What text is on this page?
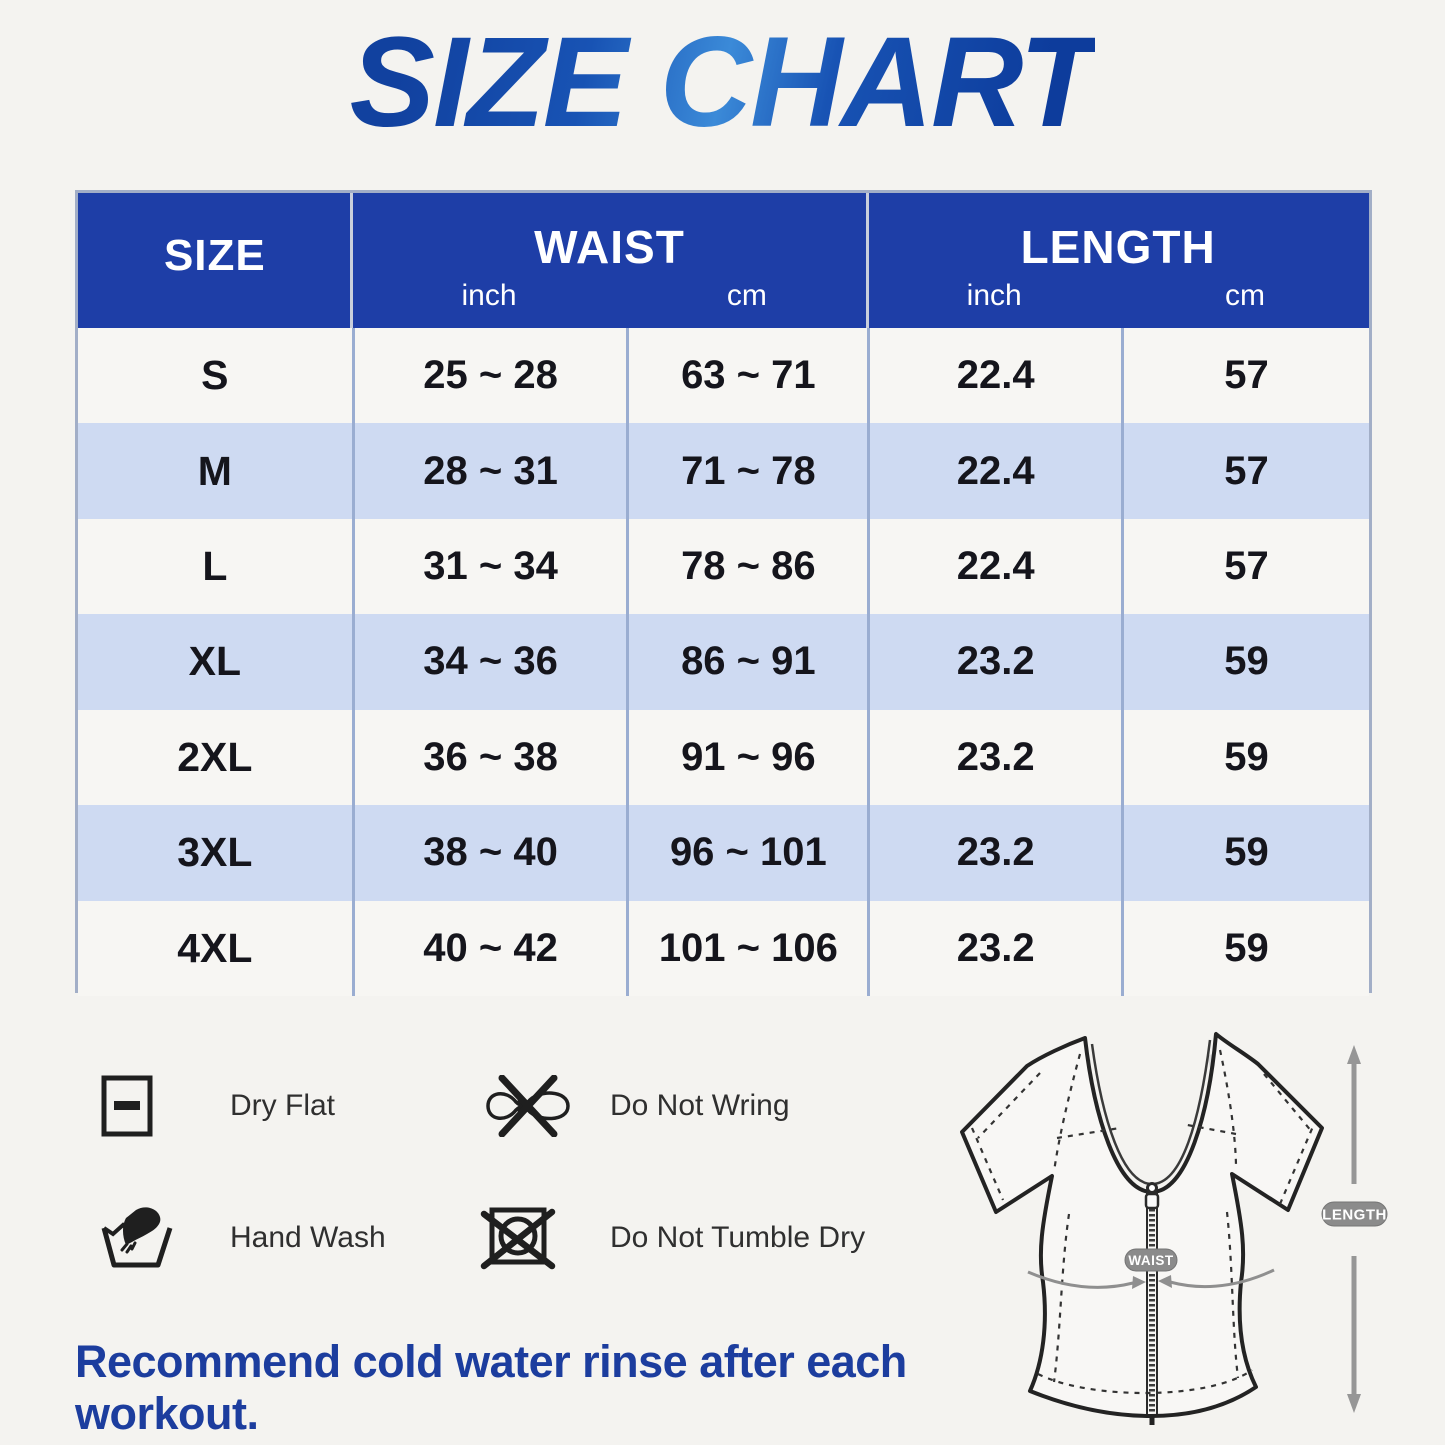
SIZE CHART
SIZE	WAIST	LENGTH
inch	cm	inch	cm
S	25 ~ 28	63 ~ 71	22.4	57
M	28 ~ 31	71 ~ 78	22.4	57
L	31 ~ 34	78 ~ 86	22.4	57
XL	34 ~ 36	86 ~ 91	23.2	59
2XL	36 ~ 38	91 ~ 96	23.2	59
3XL	38 ~ 40	96 ~ 101	23.2	59
4XL	40 ~ 42	101 ~ 106	23.2	59
Dry Flat	Do Not Wring
Hand Wash	Do Not Tumble Dry
WAIST
LENGTH
Recommend cold water rinse after each workout.
